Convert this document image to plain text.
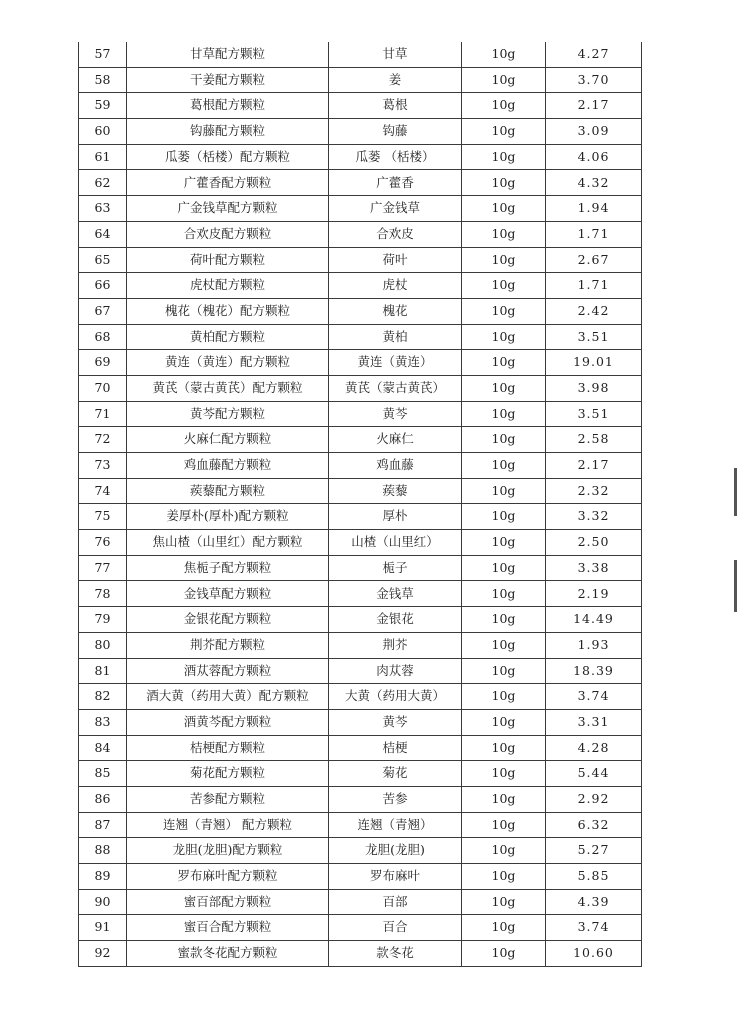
57	甘草配方颗粒	甘草	10g	4.27
58	干姜配方颗粒	姜	10g	3.70
59	葛根配方颗粒	葛根	10g	2.17
60	钩藤配方颗粒	钩藤	10g	3.09
61	瓜蒌（栝楼）配方颗粒	瓜蒌 （栝楼）	10g	4.06
62	广藿香配方颗粒	广藿香	10g	4.32
63	广金钱草配方颗粒	广金钱草	10g	1.94
64	合欢皮配方颗粒	合欢皮	10g	1.71
65	荷叶配方颗粒	荷叶	10g	2.67
66	虎杖配方颗粒	虎杖	10g	1.71
67	槐花（槐花）配方颗粒	槐花	10g	2.42
68	黄柏配方颗粒	黄柏	10g	3.51
69	黄连（黄连）配方颗粒	黄连（黄连）	10g	19.01
70	黄芪（蒙古黄芪）配方颗粒	黄芪（蒙古黄芪）	10g	3.98
71	黄芩配方颗粒	黄芩	10g	3.51
72	火麻仁配方颗粒	火麻仁	10g	2.58
73	鸡血藤配方颗粒	鸡血藤	10g	2.17
74	蒺藜配方颗粒	蒺藜	10g	2.32
75	姜厚朴(厚朴)配方颗粒	厚朴	10g	3.32
76	焦山楂（山里红）配方颗粒	山楂（山里红）	10g	2.50
77	焦栀子配方颗粒	栀子	10g	3.38
78	金钱草配方颗粒	金钱草	10g	2.19
79	金银花配方颗粒	金银花	10g	14.49
80	荆芥配方颗粒	荆芥	10g	1.93
81	酒苁蓉配方颗粒	肉苁蓉	10g	18.39
82	酒大黄（药用大黄）配方颗粒	大黄（药用大黄）	10g	3.74
83	酒黄芩配方颗粒	黄芩	10g	3.31
84	桔梗配方颗粒	桔梗	10g	4.28
85	菊花配方颗粒	菊花	10g	5.44
86	苦参配方颗粒	苦参	10g	2.92
87	连翘（青翘） 配方颗粒	连翘（青翘）	10g	6.32
88	龙胆(龙胆)配方颗粒	龙胆(龙胆)	10g	5.27
89	罗布麻叶配方颗粒	罗布麻叶	10g	5.85
90	蜜百部配方颗粒	百部	10g	4.39
91	蜜百合配方颗粒	百合	10g	3.74
92	蜜款冬花配方颗粒	款冬花	10g	10.60
